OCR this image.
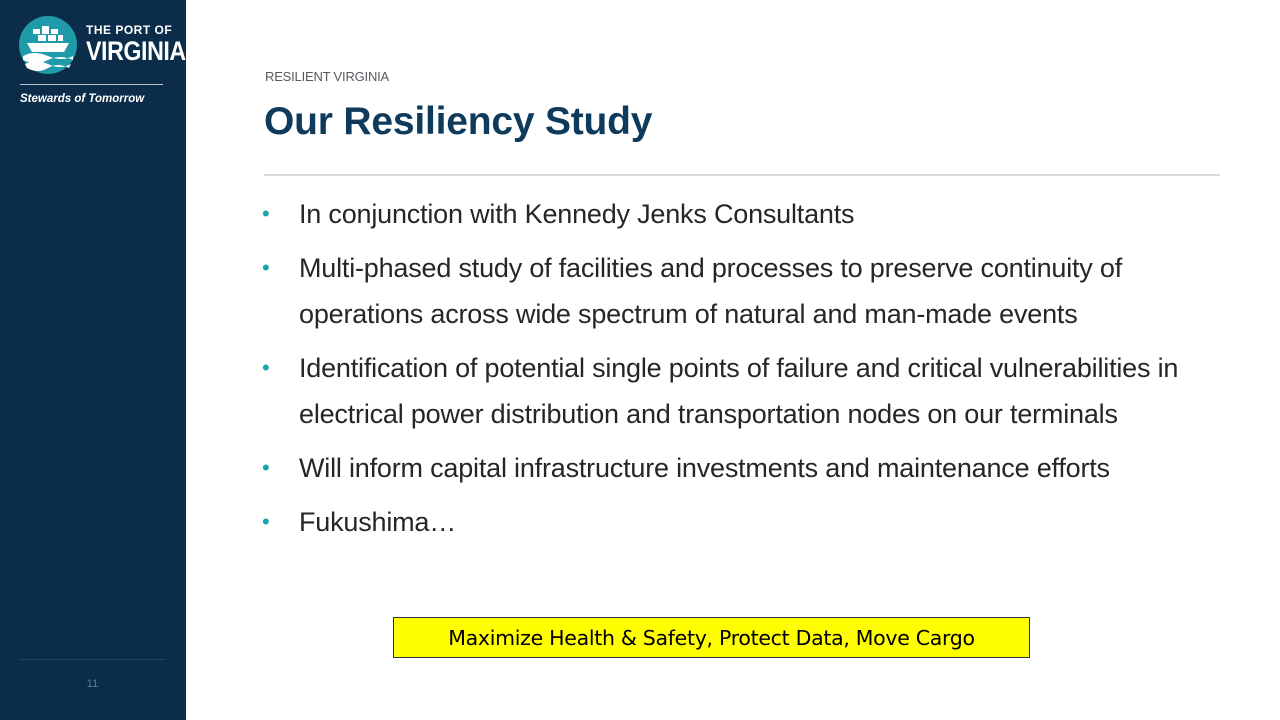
THE PORT OF
VIRGINIA
Stewards of Tomorrow
11
RESILIENT VIRGINIA
Our Resiliency Study
• In conjunction with Kennedy Jenks Consultants
• Multi-phased study of facilities and processes to preserve continuity of operations across wide spectrum of natural and man-made events
• Identification of potential single points of failure and critical vulnerabilities in electrical power distribution and transportation nodes on our terminals
• Will inform capital infrastructure investments and maintenance efforts
• Fukushima…
Maximize Health & Safety, Protect Data, Move Cargo
